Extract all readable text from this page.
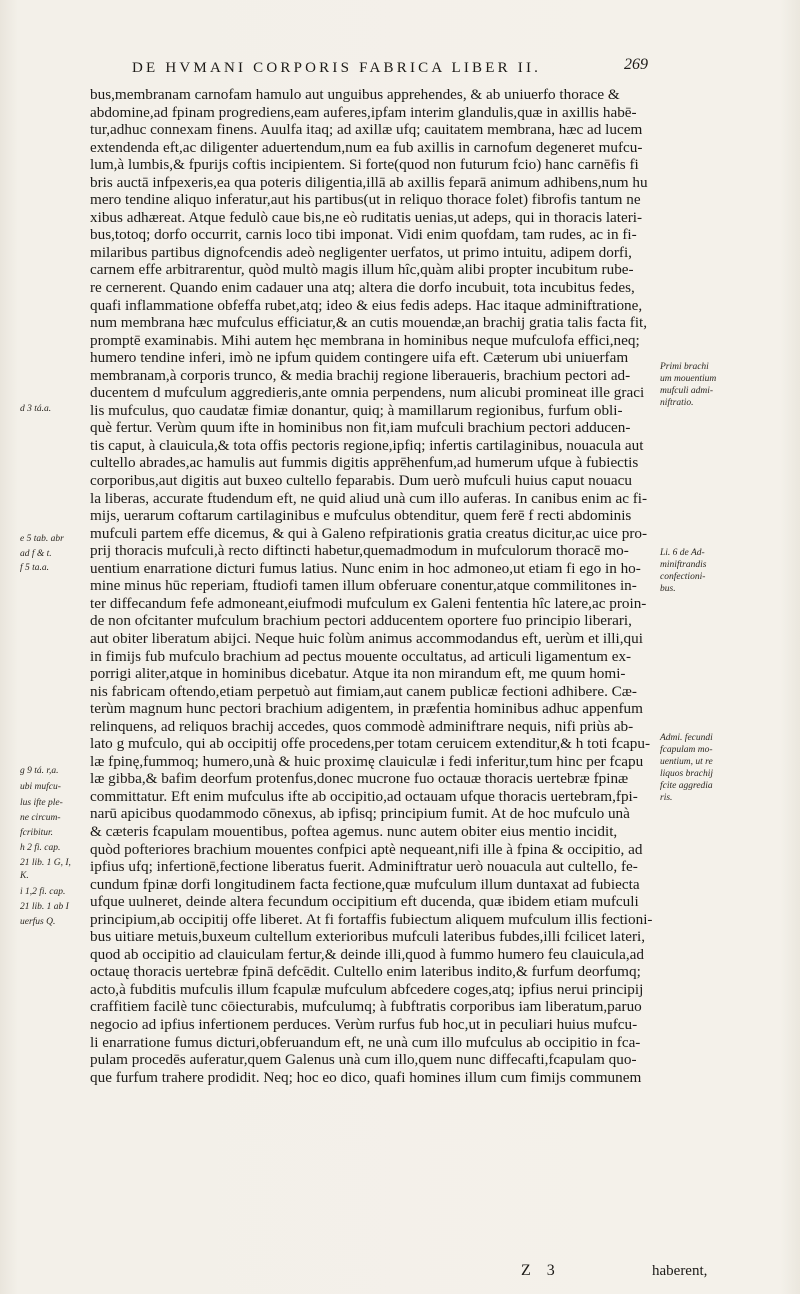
DE HVMANI CORPORIS FABRICA LIBER II.	269
bus,membranam carnofam hamulo aut unguibus apprehendes, & ab uniuerfo thorace &
abdomine,ad fpinam progrediens,eam auferes,ipfam interim glandulis,quæ in axillis habē-
tur,adhuc connexam finens. Auulfa itaq; ad axillæ ufq; cauitatem membrana, hæc ad lucem
extendenda eft,ac diligenter aduertendum,num ea fub axillis in carnofum degeneret mufcu-
lum,à lumbis,& fpurijs coftis incipientem. Si forte(quod non futurum fcio) hanc carnēfis fi
bris auctā infpexeris,ea qua poteris diligentia,illā ab axillis feparā animum adhibens,num hu
mero tendine aliquo inferatur,aut his partibus(ut in reliquo thorace folet) fibrofis tantum ne
xibus adhæreat. Atque fedulò caue bis,ne eò ruditatis uenias,ut adeps, qui in thoracis lateri-
bus,totoq; dorfo occurrit, carnis loco tibi imponat. Vidi enim quofdam, tam rudes, ac in fi-
milaribus partibus dignofcendis adeò negligenter uerfatos, ut primo intuitu, adipem dorfi,
carnem effe arbitrarentur, quòd multò magis illum hîc,quàm alibi propter incubitum rube-
re cernerent. Quando enim cadauer una atq; altera die dorfo incubuit, tota incubitus fedes,
quafi inflammatione obfeffa rubet,atq; ideo & eius fedis adeps. Hac itaque adminiftratione,
num membrana hæc mufculus efficiatur,& an cutis mouendæ,an brachij gratia talis facta fit,
promptē examinabis. Mihi autem hęc membrana in hominibus neque mufculofa effici,neq;
humero tendine inferi, imò ne ipfum quidem contingere uifa eft. Cæterum ubi uniuerfam
membranam,à corporis trunco, & media brachij regione liberaueris, brachium pectori ad-
ducentem d mufculum aggredieris,ante omnia perpendens, num alicubi promineat ille graci
lis mufculus, quo caudatæ fimiæ donantur, quiq; à mamillarum regionibus, furfum obli-
què fertur. Verùm quum ifte in hominibus non fit,iam mufculi brachium pectori adducen-
tis caput, à clauicula,& tota offis pectoris regione,ipfiq; infertis cartilaginibus, nouacula aut
cultello abrades,ac hamulis aut fummis digitis apprēhenfum,ad humerum ufque à fubiectis
corporibus,aut digitis aut buxeo cultello feparabis. Dum uerò mufculi huius caput nouacu
la liberas, accurate ftudendum eft, ne quid aliud unà cum illo auferas. In canibus enim ac fi-
mijs, uerarum coftarum cartilaginibus e mufculus obtenditur, quem ferē f recti abdominis
mufculi partem effe dicemus, & qui à Galeno refpirationis gratia creatus dicitur,ac uice pro-
prij thoracis mufculi,à recto diftincti habetur,quemadmodum in mufculorum thoracē mo-
uentium enarratione dicturi fumus latius. Nunc enim in hoc admoneo,ut etiam fi ego in ho-
mine minus hūc reperiam, ftudiofi tamen illum obferuare conentur,atque commilitones in-
ter diffecandum fefe admoneant,eiufmodi mufculum ex Galeni fententia hîc latere,ac proin-
de non ofcitanter mufculum brachium pectori adducentem oportere fuo principio liberari,
aut obiter liberatum abijci. Neque huic folùm animus accommodandus eft, uerùm et illi,qui
in fimijs fub mufculo brachium ad pectus mouente occultatus, ad articuli ligamentum ex-
porrigi aliter,atque in hominibus dicebatur. Atque ita non mirandum eft, me quum homi-
nis fabricam oftendo,etiam perpetuò aut fimiam,aut canem publicæ fectioni adhibere. Cæ-
terùm magnum hunc pectori brachium adigentem, in præfentia hominibus adhuc appenfum
relinquens, ad reliquos brachij accedes, quos commodè adminiftrare nequis, nifi priùs ab-
lato g mufculo, qui ab occipitij offe procedens,per totam ceruicem extenditur,& h toti fcapu-
læ fpinę,fummoq; humero,unà & huic proximę clauiculæ i fedi inferitur,tum hinc per fcapu
læ gibba,& bafim deorfum protenfus,donec mucrone fuo octauæ thoracis uertebræ fpinæ
committatur. Eft enim mufculus ifte ab occipitio,ad octauam ufque thoracis uertebram,fpi-
narū apicibus quodammodo cōnexus, ab ipfisq; principium fumit. At de hoc mufculo unà
& cæteris fcapulam mouentibus, poftea agemus. nunc autem obiter eius mentio incidit,
quòd pofteriores brachium mouentes confpici aptè nequeant,nifi ille à fpina & occipitio, ad
ipfius ufq; infertionē,fectione liberatus fuerit. Adminiftratur uerò nouacula aut cultello, fe-
cundum fpinæ dorfi longitudinem facta fectione,quæ mufculum illum duntaxat ad fubiecta
ufque uulneret, deinde altera fecundum occipitium eft ducenda, quæ ibidem etiam mufculi
principium,ab occipitij offe liberet. At fi fortaffis fubiectum aliquem mufculum illis fectioni-
bus uitiare metuis,buxeum cultellum exterioribus mufculi lateribus fubdes,illi fcilicet lateri,
quod ab occipitio ad clauiculam fertur,& deinde illi,quod à fummo humero feu clauicula,ad
octauę thoracis uertebræ fpinā defcēdit. Cultello enim lateribus indito,& furfum deorfumq;
acto,à fubditis mufculis illum fcapulæ mufculum abfcedere coges,atq; ipfius nerui principij
craffitiem facilè tunc cōiecturabis, mufculumq; à fubftratis corporibus iam liberatum,paruo
negocio ad ipfius infertionem perduces. Verùm rurfus fub hoc,ut in peculiari huius mufcu-
li enarratione fumus dicturi,obferuandum eft, ne unà cum illo mufculus ab occipitio in fca-
pulam procedēs auferatur,quem Galenus unà cum illo,quem nunc diffecafti,fcapulam quo-
que furfum trahere prodidit. Neq; hoc eo dico, quafi homines illum cum fimijs communem
d 3 tá.a.
e 5 tab. abr
ad f & t.
f 5 ta.a.
g 9 tá. r,a.
ubi mufcu-
lus ifte ple-
ne circum-
fcribitur.
h 2 fi. cap.
21 lib. 1 G, I,
K.
i 1,2 fi. cap.
21 lib. 1 ab I
uerfus Q.
Primi brachi
um mouentium
mufculi admi-
niftratio.
Li. 6 de Ad-
miniftrandis
confectioni-
bus.
Admi. fecundi
fcapulam mo-
uentium, ut re
liquos brachij
fcite aggredia
ris.
Z 3	haberent,
